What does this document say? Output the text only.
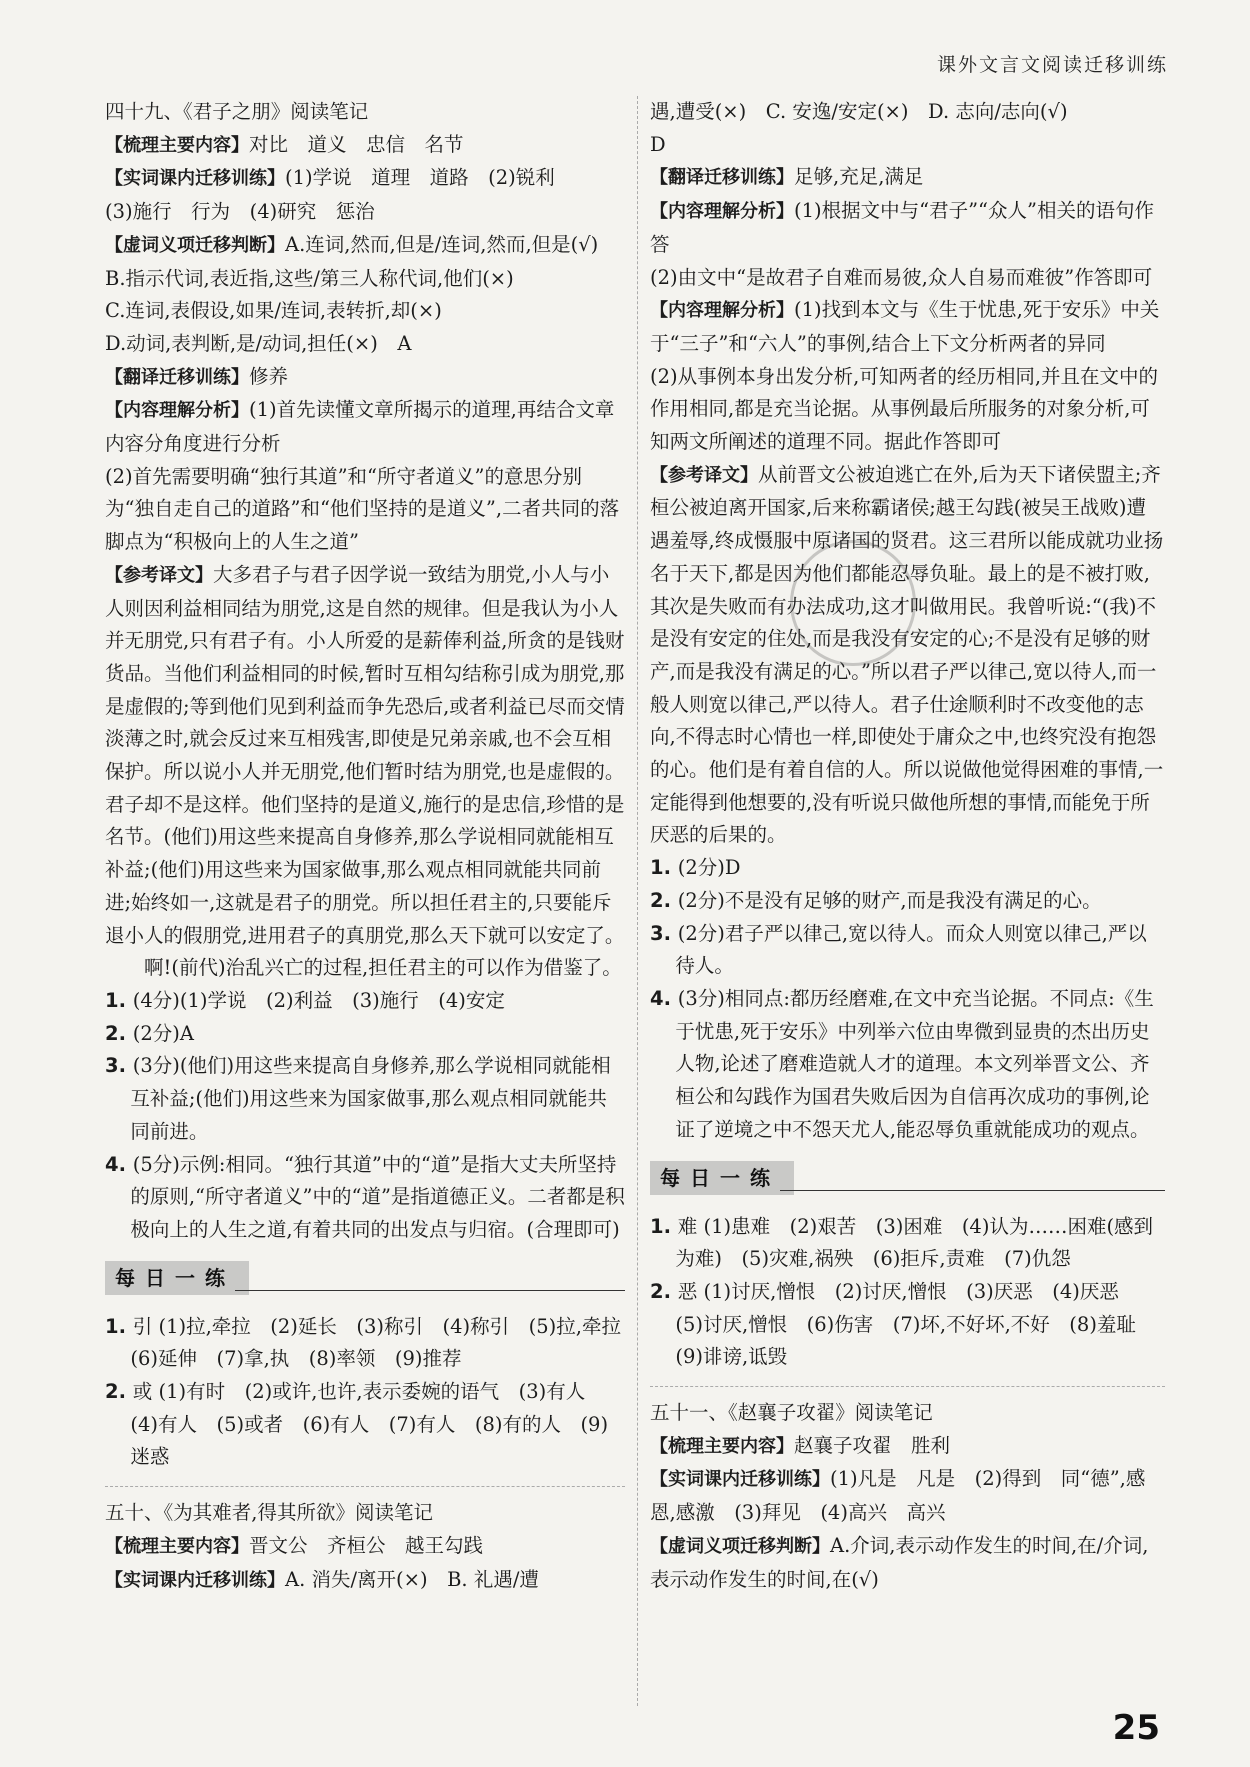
课外文言文阅读迁移训练

四十九、《君子之朋》阅读笔记

【梳理主要内容】对比　道义　忠信　名节

【实词课内迁移训练】(1)学说　道理　道路　(2)锐利

(3)施行　行为　(4)研究　惩治

【虚词义项迁移判断】A.连词,然而,但是/连词,然而,但是(√)

B.指示代词,表近指,这些/第三人称代词,他们(×)

C.连词,表假设,如果/连词,表转折,却(×)

D.动词,表判断,是/动词,担任(×)　A

【翻译迁移训练】修养

【内容理解分析】(1)首先读懂文章所揭示的道理,再结合文章内容分角度进行分析

(2)首先需要明确“独行其道”和“所守者道义”的意思分别为“独自走自己的道路”和“他们坚持的是道义”,二者共同的落脚点为“积极向上的人生之道”

【参考译文】大多君子与君子因学说一致结为朋党,小人与小人则因利益相同结为朋党,这是自然的规律。但是我认为小人并无朋党,只有君子有。小人所爱的是薪俸利益,所贪的是钱财货品。当他们利益相同的时候,暂时互相勾结称引成为朋党,那是虚假的;等到他们见到利益而争先恐后,或者利益已尽而交情淡薄之时,就会反过来互相残害,即使是兄弟亲戚,也不会互相保护。所以说小人并无朋党,他们暂时结为朋党,也是虚假的。君子却不是这样。他们坚持的是道义,施行的是忠信,珍惜的是名节。(他们)用这些来提高自身修养,那么学说相同就能相互补益;(他们)用这些来为国家做事,那么观点相同就能共同前进;始终如一,这就是君子的朋党。所以担任君主的,只要能斥退小人的假朋党,进用君子的真朋党,那么天下就可以安定了。

啊!(前代)治乱兴亡的过程,担任君主的可以作为借鉴了。

1. (4分)(1)学说　(2)利益　(3)施行　(4)安定

2. (2分)A

3. (3分)(他们)用这些来提高自身修养,那么学说相同就能相互补益;(他们)用这些来为国家做事,那么观点相同就能共同前进。

4. (5分)示例:相同。“独行其道”中的“道”是指大丈夫所坚持的原则,“所守者道义”中的“道”是指道德正义。二者都是积极向上的人生之道,有着共同的出发点与归宿。(合理即可)

每日一练

1. 引 (1)拉,牵拉　(2)延长　(3)称引　(4)称引　(5)拉,牵拉　(6)延伸　(7)拿,执　(8)率领　(9)推荐

2. 或 (1)有时　(2)或许,也许,表示委婉的语气　(3)有人　(4)有人　(5)或者　(6)有人　(7)有人　(8)有的人　(9)迷惑

五十、《为其难者,得其所欲》阅读笔记

【梳理主要内容】晋文公　齐桓公　越王勾践

【实词课内迁移训练】A. 消失/离开(×)　B. 礼遇/遭

遇,遭受(×)　C. 安逸/安定(×)　D. 志向/志向(√)

D

【翻译迁移训练】足够,充足,满足

【内容理解分析】(1)根据文中与“君子”“众人”相关的语句作答

(2)由文中“是故君子自难而易彼,众人自易而难彼”作答即可

【内容理解分析】(1)找到本文与《生于忧患,死于安乐》中关于“三子”和“六人”的事例,结合上下文分析两者的异同

(2)从事例本身出发分析,可知两者的经历相同,并且在文中的作用相同,都是充当论据。从事例最后所服务的对象分析,可知两文所阐述的道理不同。据此作答即可

【参考译文】从前晋文公被迫逃亡在外,后为天下诸侯盟主;齐桓公被迫离开国家,后来称霸诸侯;越王勾践(被吴王战败)遭遇羞辱,终成慑服中原诸国的贤君。这三君所以能成就功业扬名于天下,都是因为他们都能忍辱负耻。最上的是不被打败,其次是失败而有办法成功,这才叫做用民。我曾听说:“(我)不是没有安定的住处,而是我没有安定的心;不是没有足够的财产,而是我没有满足的心。”所以君子严以律己,宽以待人,而一般人则宽以律己,严以待人。君子仕途顺利时不改变他的志向,不得志时心情也一样,即使处于庸众之中,也终究没有抱怨的心。他们是有着自信的人。所以说做他觉得困难的事情,一定能得到他想要的,没有听说只做他所想的事情,而能免于所厌恶的后果的。

1. (2分)D

2. (2分)不是没有足够的财产,而是我没有满足的心。

3. (2分)君子严以律己,宽以待人。而众人则宽以律己,严以待人。

4. (3分)相同点:都历经磨难,在文中充当论据。不同点:《生于忧患,死于安乐》中列举六位由卑微到显贵的杰出历史人物,论述了磨难造就人才的道理。本文列举晋文公、齐桓公和勾践作为国君失败后因为自信再次成功的事例,论证了逆境之中不怨天尤人,能忍辱负重就能成功的观点。

每日一练

1. 难 (1)患难　(2)艰苦　(3)困难　(4)认为……困难(感到为难)　(5)灾难,祸殃　(6)拒斥,责难　(7)仇怨

2. 恶 (1)讨厌,憎恨　(2)讨厌,憎恨　(3)厌恶　(4)厌恶　(5)讨厌,憎恨　(6)伤害　(7)坏,不好坏,不好　(8)羞耻　(9)诽谤,诋毁

五十一、《赵襄子攻翟》阅读笔记

【梳理主要内容】赵襄子攻翟　胜利

【实词课内迁移训练】(1)凡是　凡是　(2)得到　同“德”,感恩,感激　(3)拜见　(4)高兴　高兴

【虚词义项迁移判断】A.介词,表示动作发生的时间,在/介词,表示动作发生的时间,在(√)

25
